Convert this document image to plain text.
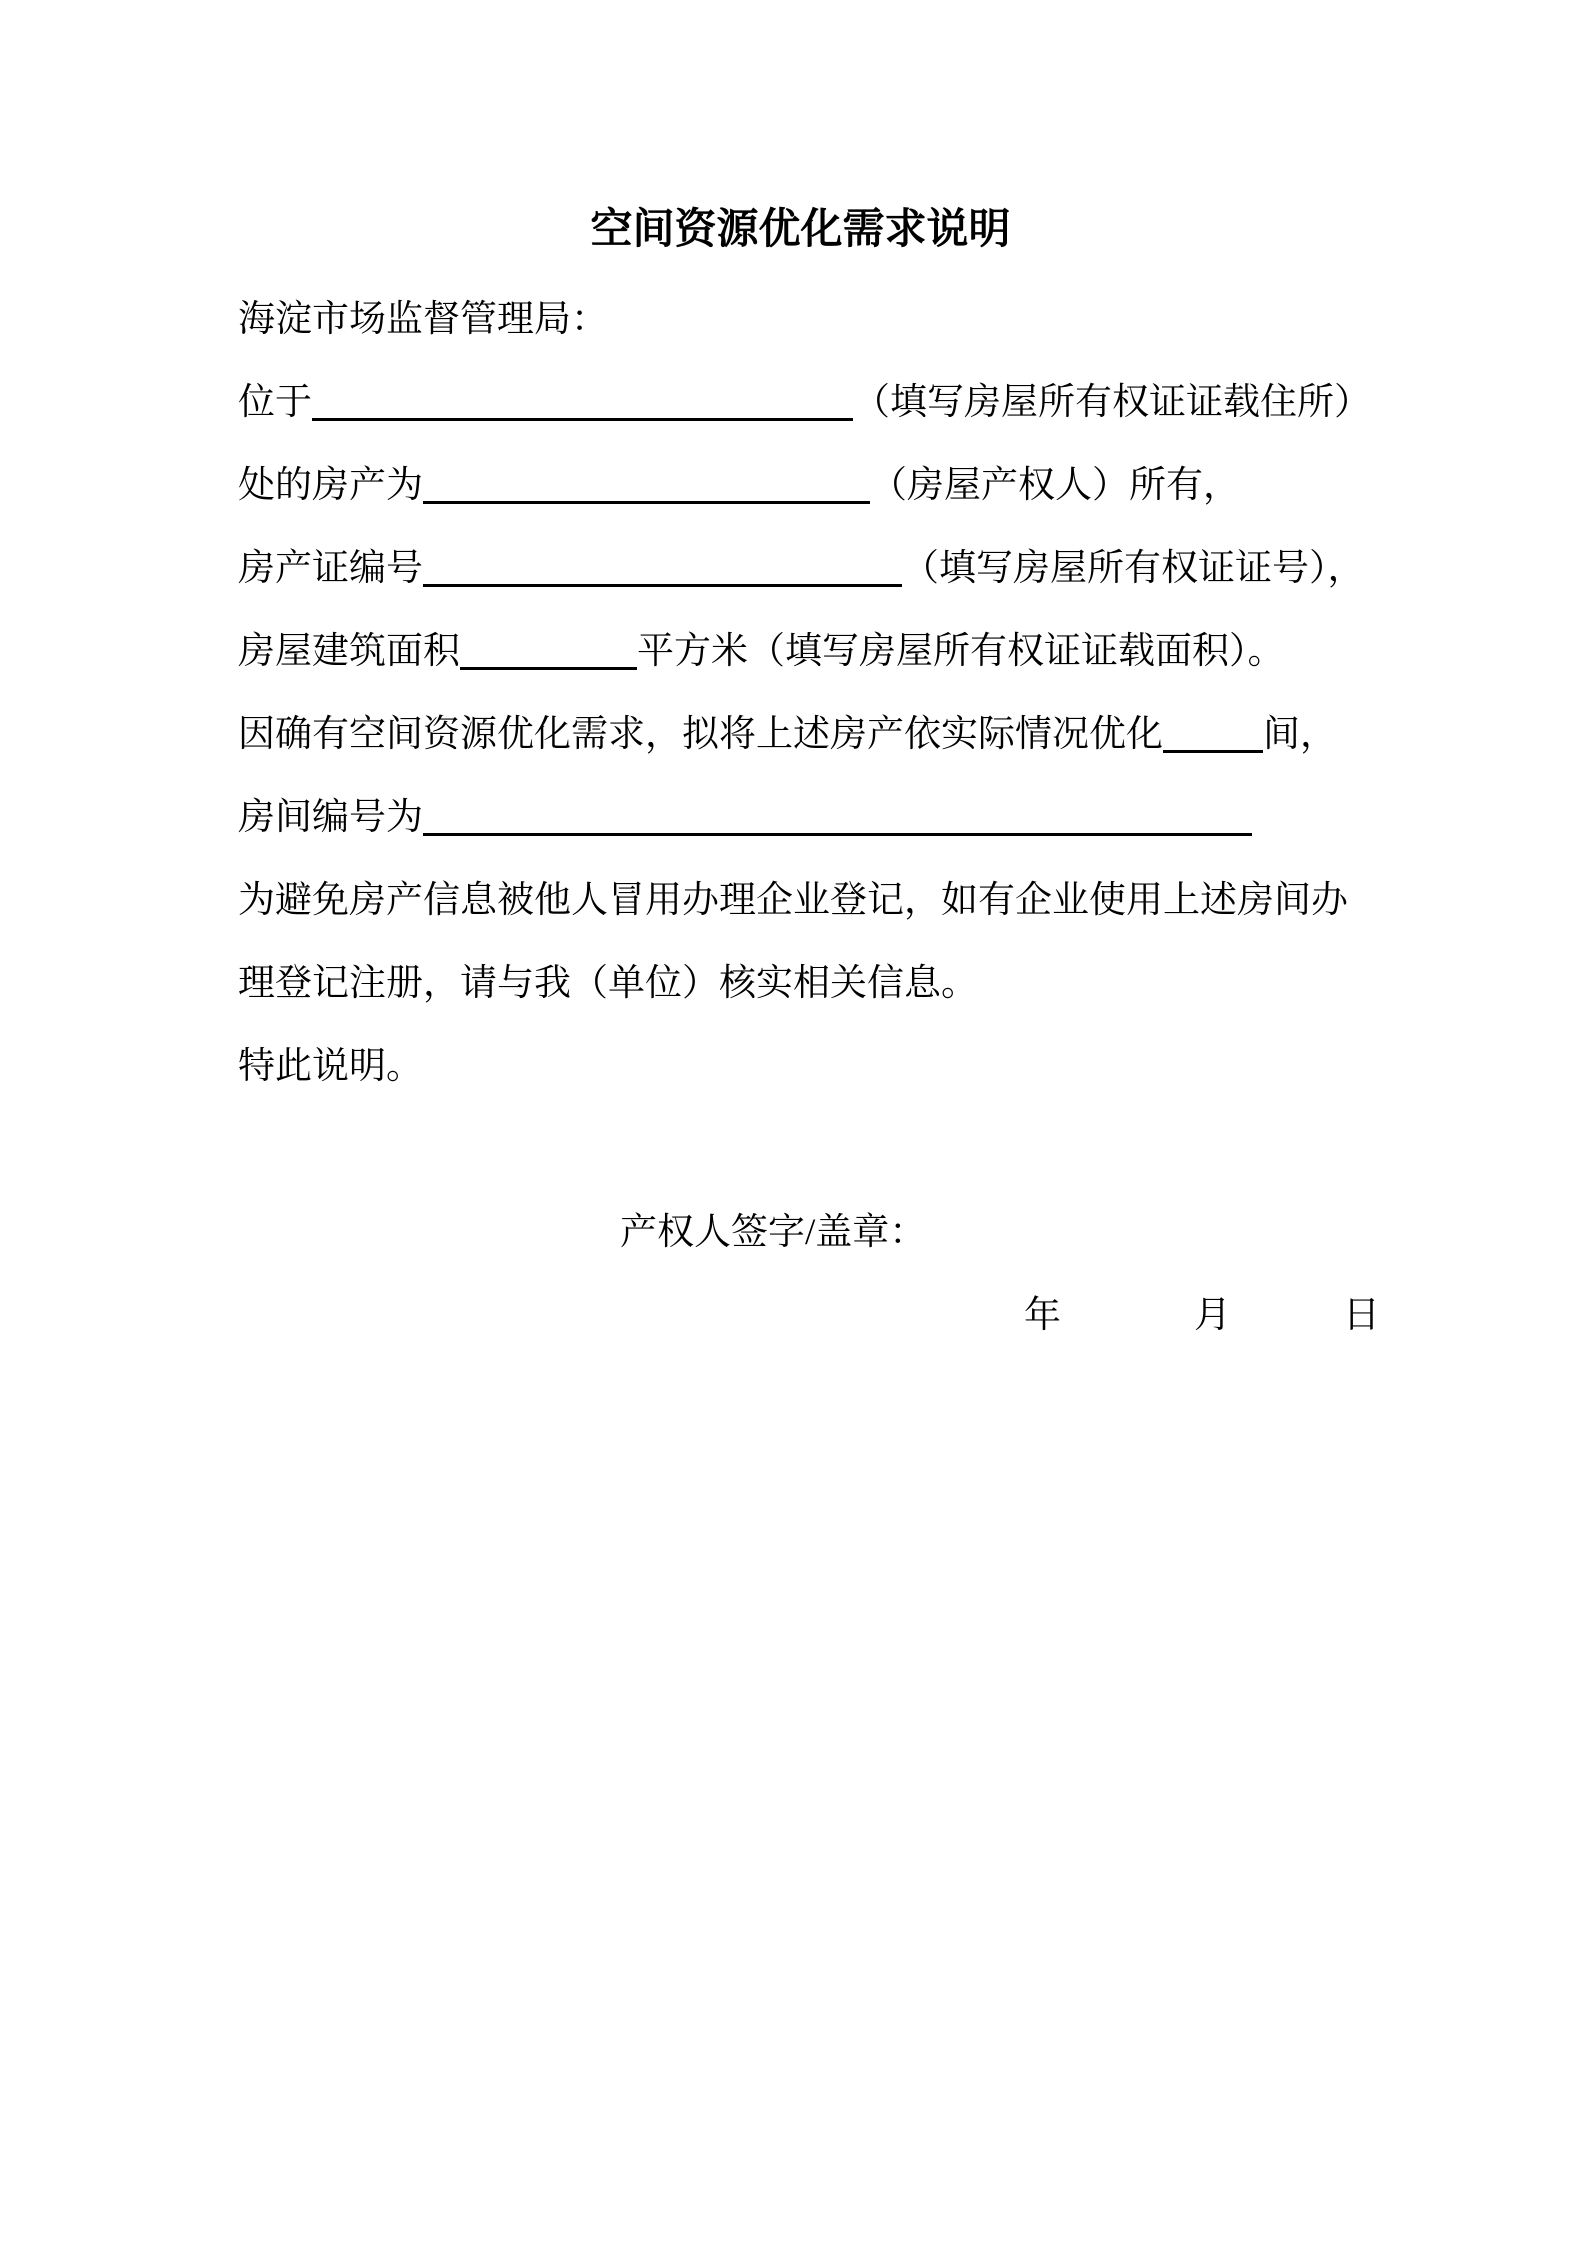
空间资源优化需求说明
海淀市场监督管理局：
位于	（填写房屋所有权证证载住所）
处的房产为	（房屋产权人）所有，
房产证编号	（填写房屋所有权证证号），
房屋建筑面积	平方米（填写房屋所有权证证载面积）。
因确有空间资源优化需求，拟将上述房产依实际情况优化	间，
房间编号为
为避免房产信息被他人冒用办理企业登记，如有企业使用上述房间办
理登记注册，请与我（单位）核实相关信息。
特此说明。
产权人签字/盖章：
年	月	日
